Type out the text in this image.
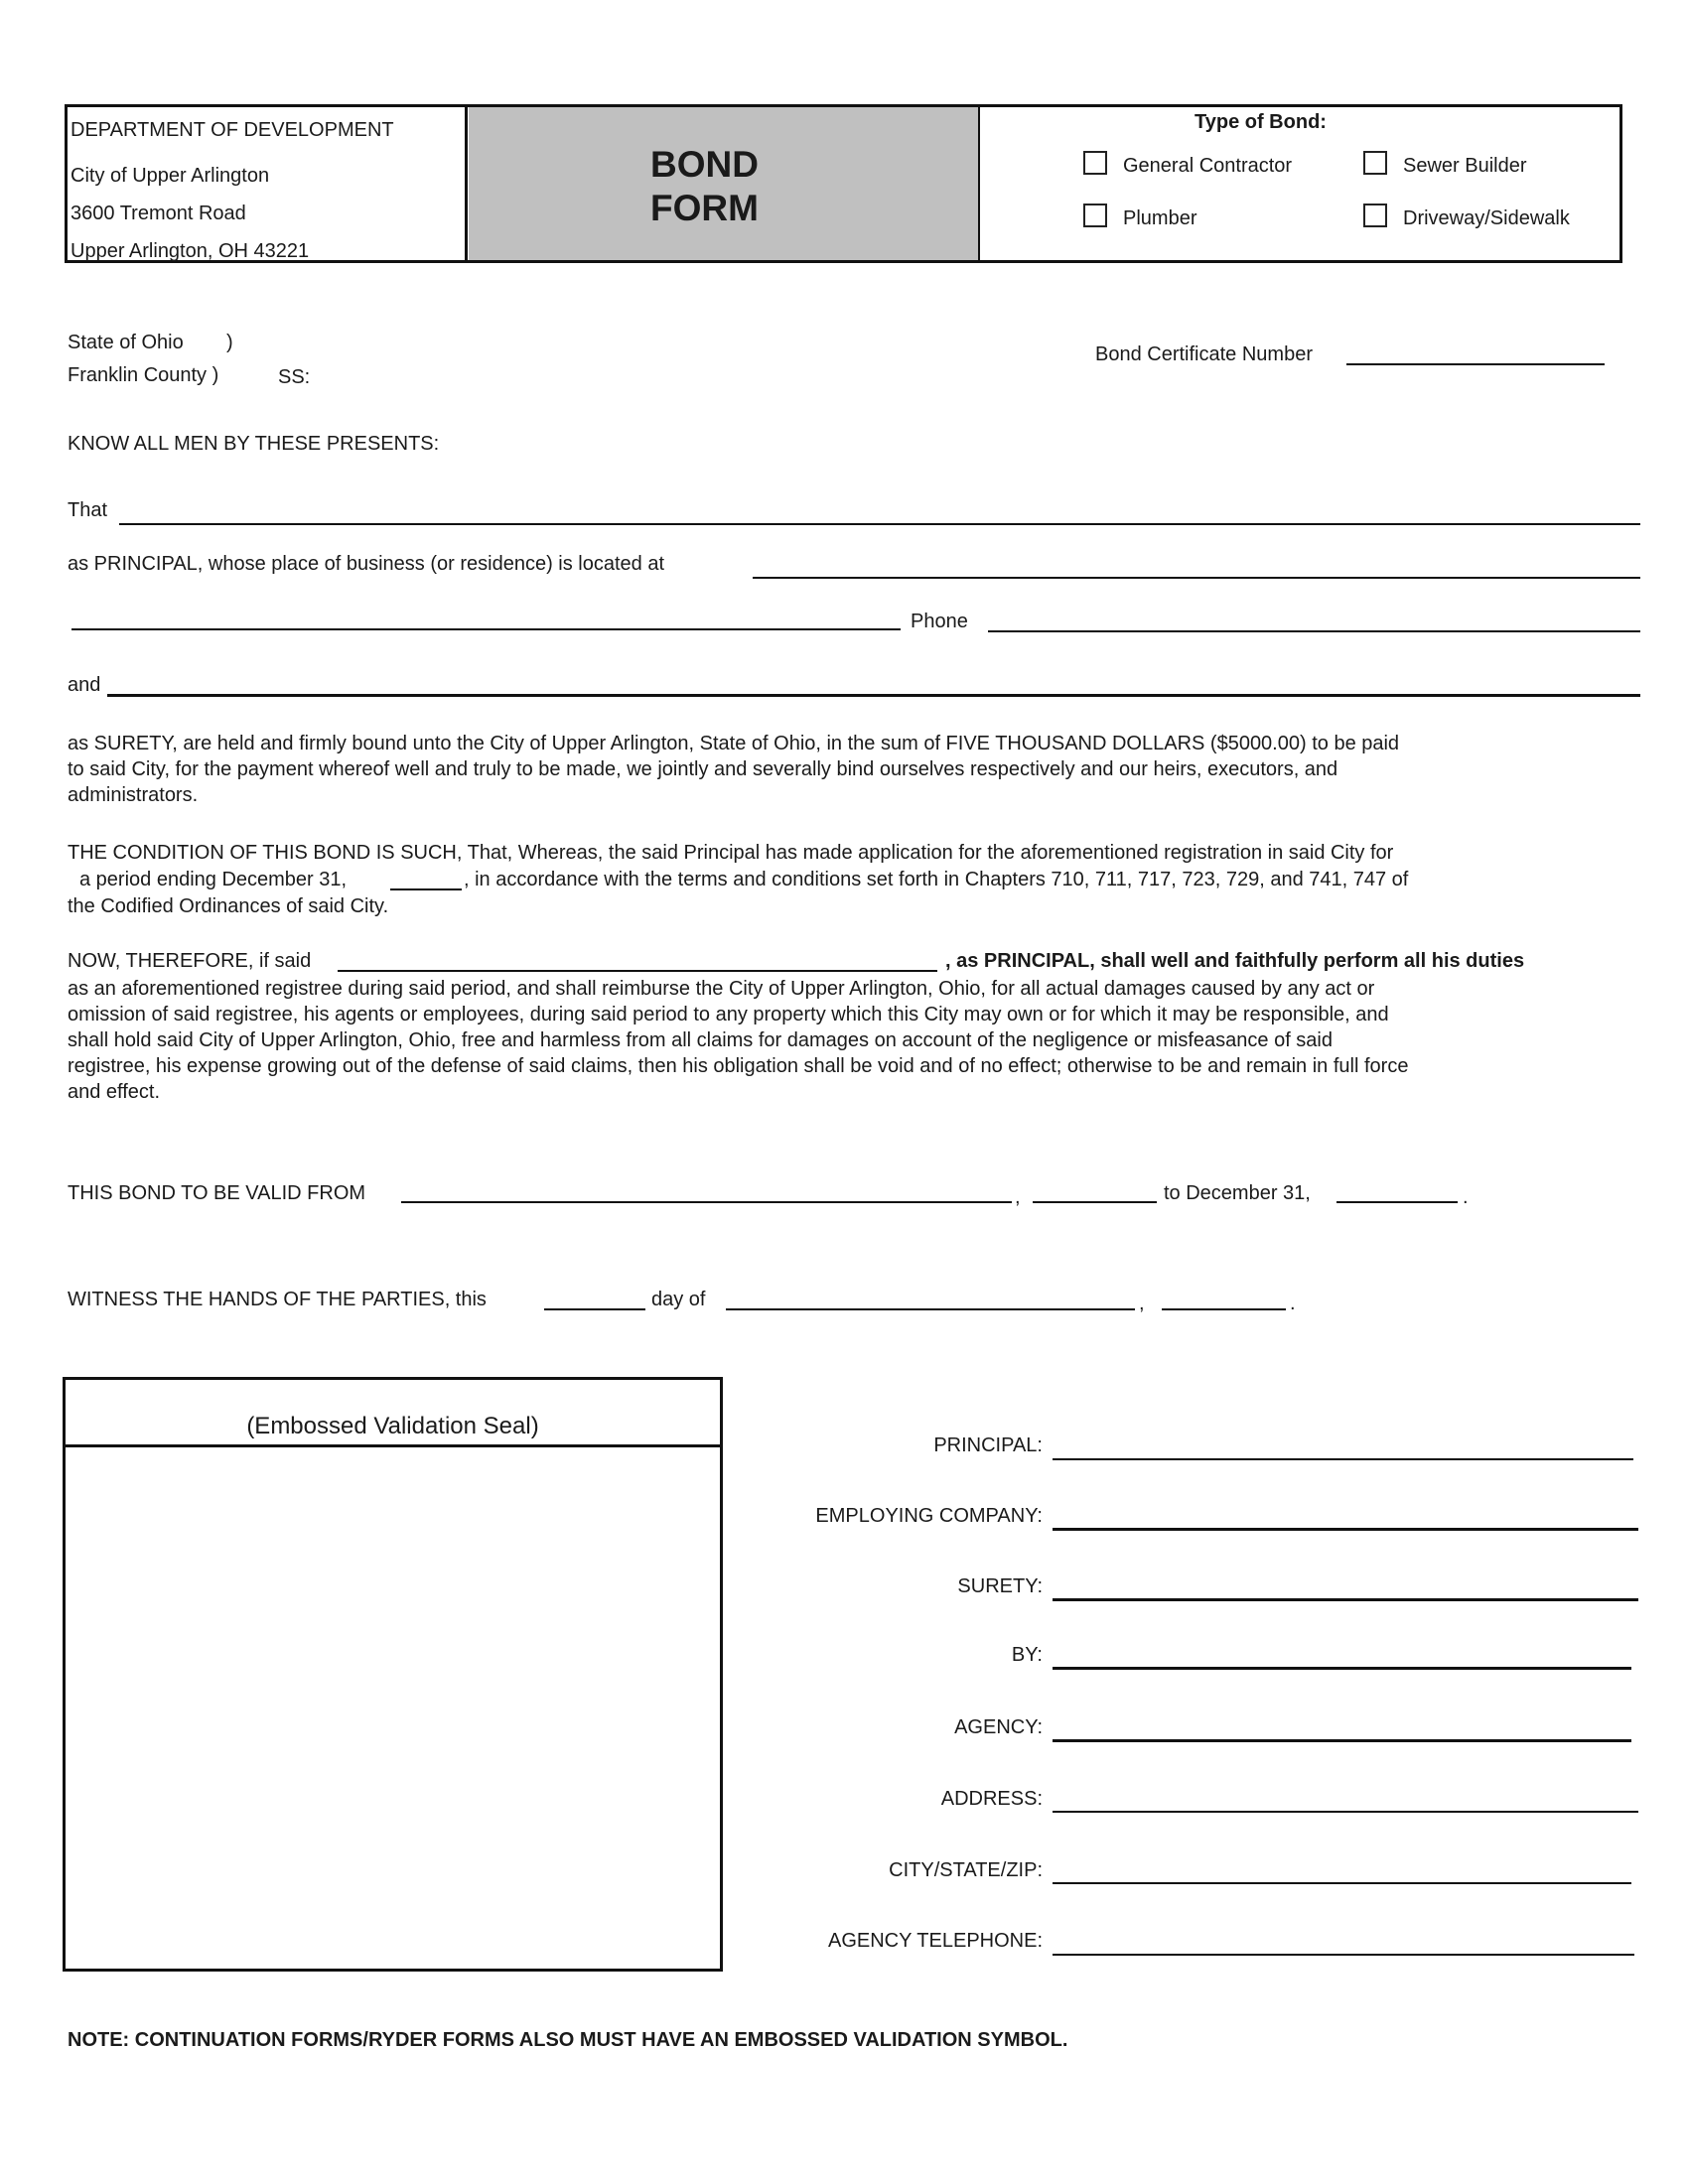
DEPARTMENT OF DEVELOPMENT
City of Upper Arlington
3600 Tremont Road
Upper Arlington, OH 43221
BOND
FORM
Type of Bond:
General Contractor	Sewer Builder
Plumber	Driveway/Sidewalk
State of Ohio )
Franklin County )	SS:
Bond Certificate Number
KNOW ALL MEN BY THESE PRESENTS:
That
as PRINCIPAL, whose place of business (or residence) is located at
Phone
and
as SURETY, are held and firmly bound unto the City of Upper Arlington, State of Ohio, in the sum of FIVE THOUSAND DOLLARS ($5000.00) to be paid
to said City, for the payment whereof well and truly to be made, we jointly and severally bind ourselves respectively and our heirs, executors, and
administrators.
THE CONDITION OF THIS BOND IS SUCH, That, Whereas, the said Principal has made application for the aforementioned registration in said City for
a period ending December 31,	, in accordance with the terms and conditions set forth in Chapters 710, 711, 717, 723, 729, and 741, 747 of
the Codified Ordinances of said City.
NOW, THEREFORE, if said	, as PRINCIPAL, shall well and faithfully perform all his duties
as an aforementioned registree during said period, and shall reimburse the City of Upper Arlington, Ohio, for all actual damages caused by any act or
omission of said registree, his agents or employees, during said period to any property which this City may own or for which it may be responsible, and
shall hold said City of Upper Arlington, Ohio, free and harmless from all claims for damages on account of the negligence or misfeasance of said
registree, his expense growing out of the defense of said claims, then his obligation shall be void and of no effect; otherwise to be and remain in full force
and effect.
THIS BOND TO BE VALID FROM	,	to December 31,	.
WITNESS THE HANDS OF THE PARTIES, this	day of	,	.
(Embossed Validation Seal)
PRINCIPAL:
EMPLOYING COMPANY:
SURETY:
BY:
AGENCY:
ADDRESS:
CITY/STATE/ZIP:
AGENCY TELEPHONE:
NOTE: CONTINUATION FORMS/RYDER FORMS ALSO MUST HAVE AN EMBOSSED VALIDATION SYMBOL.
